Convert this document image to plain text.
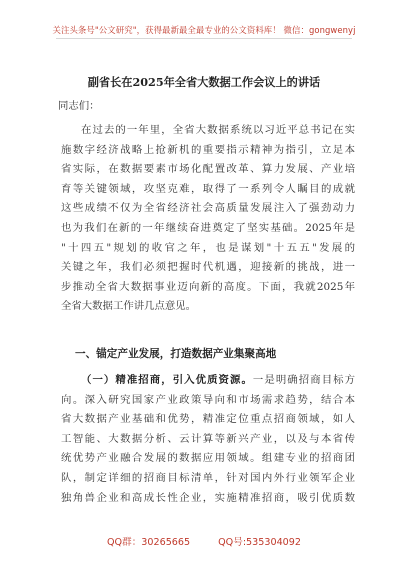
关注头条号"公文研究"，获得最新最全最专业的公文资料库！ 微信：gongwenyj
副省长在2025年全省大数据工作会议上的讲话
同志们：
在过去的一年里，全省大数据系统以习近平总书记在实
施数字经济战略上抢新机的重要指示精神为指引，立足本
省实际，在数据要素市场化配置改革、算力发展、产业培
育等关键领域，攻坚克难，取得了一系列令人瞩目的成就
这些成绩不仅为全省经济社会高质量发展注入了强劲动力
也为我们在新的一年继续奋进奠定了坚实基础。2025年是
"十四五"规划的收官之年，也是谋划"十五五"发展的
关键之年，我们必须把握时代机遇，迎接新的挑战，进一
步推动全省大数据事业迈向新的高度。下面，我就2025年
全省大数据工作讲几点意见。
一、锚定产业发展，打造数据产业集聚高地
（一）精准招商，引入优质资源。一是明确招商目标方
向。深入研究国家产业政策导向和市场需求趋势，结合本
省大数据产业基础和优势，精准定位重点招商领域，如人
工智能、大数据分析、云计算等新兴产业，以及与本省传
统优势产业融合发展的数据应用领域。组建专业的招商团
队，制定详细的招商目标清单，针对国内外行业领军企业
独角兽企业和高成长性企业，实施精准招商，吸引优质数
QQ群：30265665	QQ号:535304092
